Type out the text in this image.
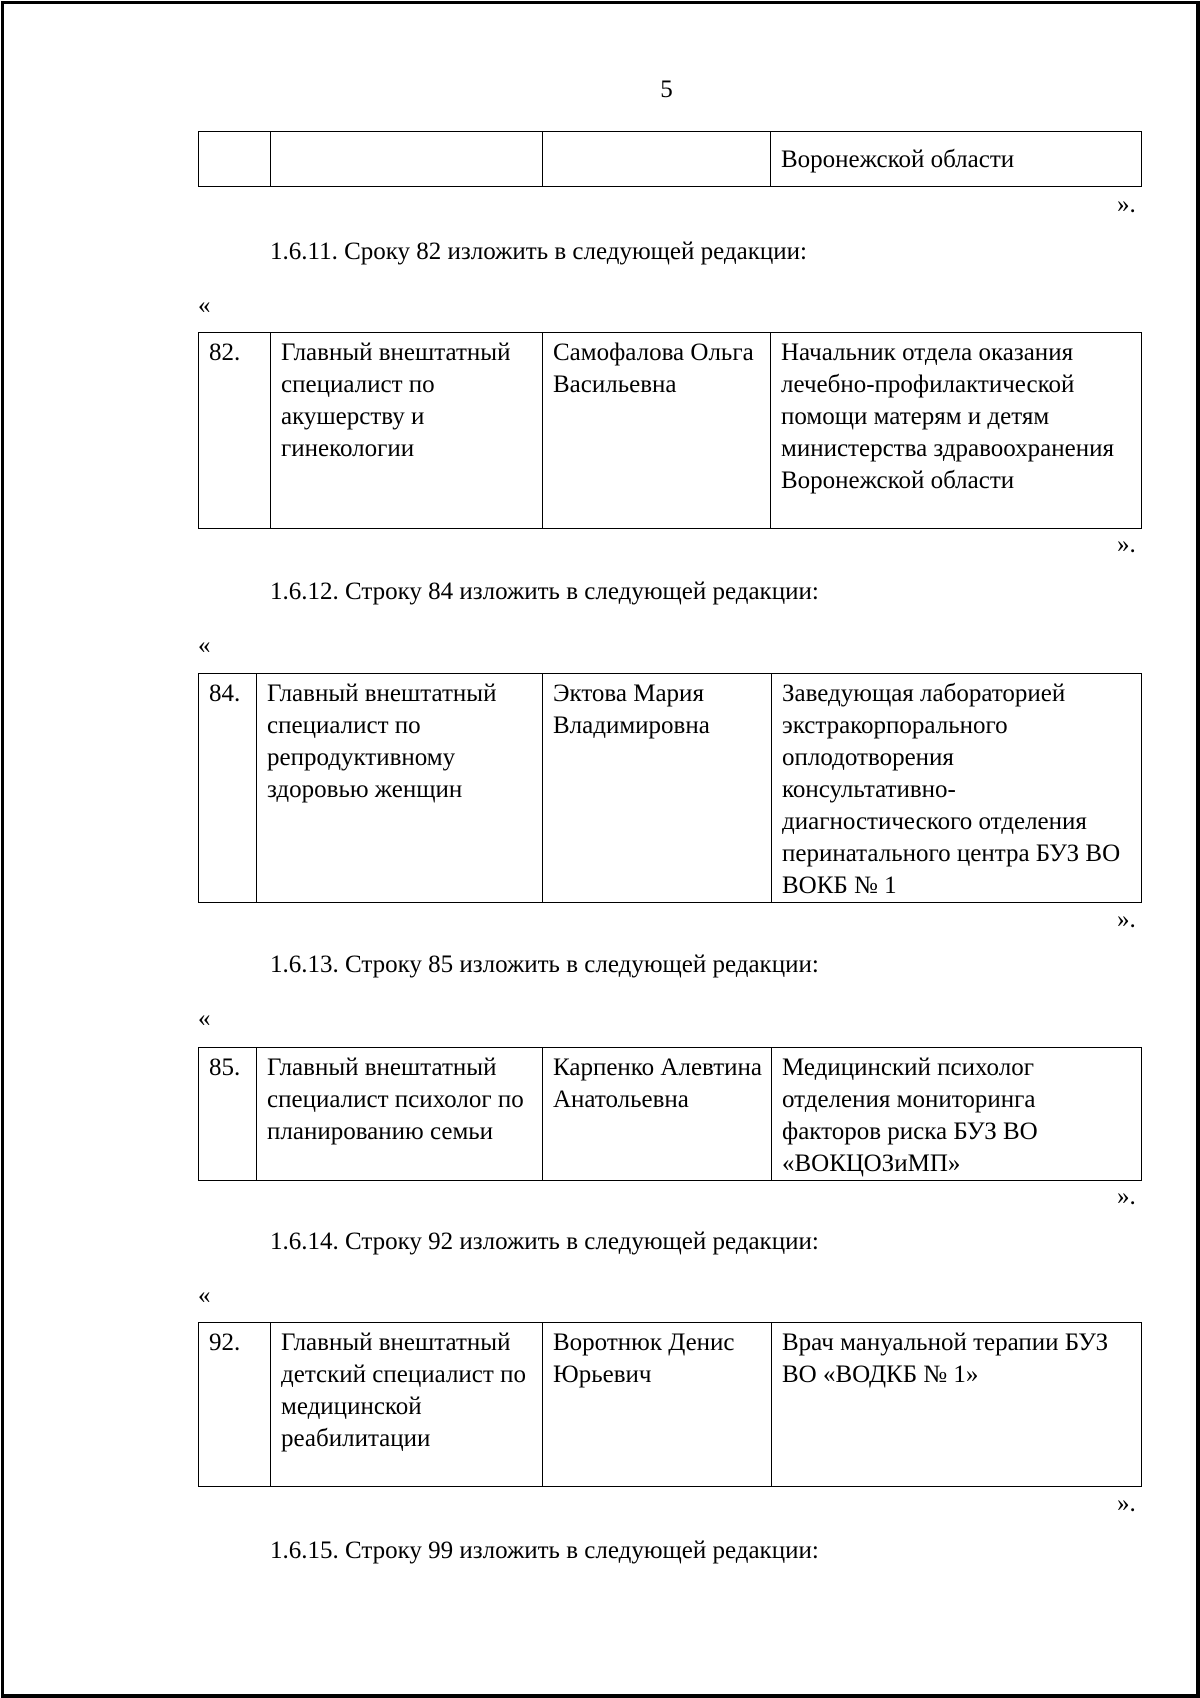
5
			Воронежской области
».
1.6.11. Сроку 82 изложить в следующей редакции:
«
82.	Главный внештатный специалист по акушерству и гинекологии	Самофалова Ольга Васильевна	Начальник отдела оказания лечебно-профилактической помощи матерям и детям министерства здравоохранения Воронежской области
».
1.6.12. Строку 84 изложить в следующей редакции:
«
84.	Главный внештатный специалист по репродуктивному здоровью женщин	Эктова Мария Владимировна	Заведующая лабораторией экстракорпорального оплодотворения консультативно-диагностического отделения перинатального центра БУЗ ВО ВОКБ № 1
».
1.6.13. Строку 85 изложить в следующей редакции:
«
85.	Главный внештатный специалист психолог по планированию семьи	Карпенко Алевтина Анатольевна	Медицинский психолог отделения мониторинга факторов риска БУЗ ВО «ВОКЦОЗиМП»
».
1.6.14. Строку 92 изложить в следующей редакции:
«
92.	Главный внештатный детский специалист по медицинской реабилитации	Воротнюк Денис Юрьевич	Врач мануальной терапии БУЗ ВО «ВОДКБ № 1»
».
1.6.15. Строку 99 изложить в следующей редакции:
